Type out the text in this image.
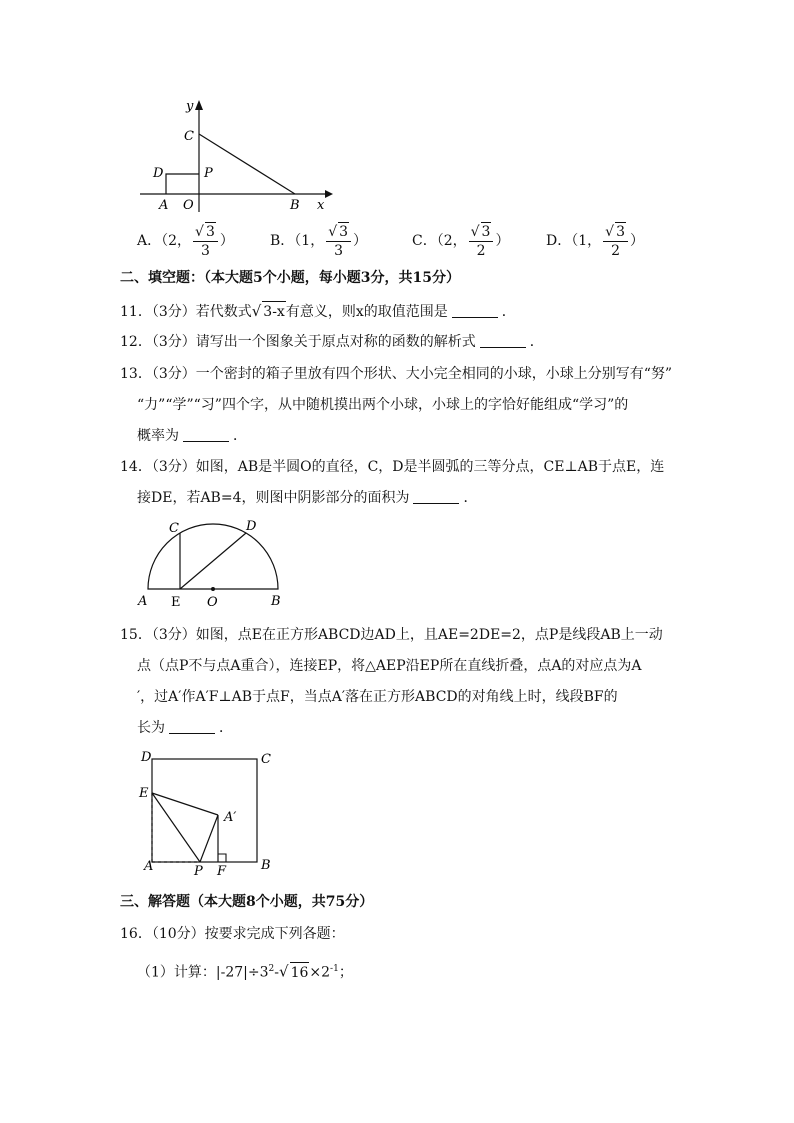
y
x
C
D	P
A O	B
A．（2， $\frac{√ 3}{3}$ ）	B．（1， $\frac{√ 3}{3}$ ）	C．（2， $\frac{√ 3}{2}$ ）	D．（1， $\frac{√ 3}{2}$ ）
二、填空题：（本大题5个小题，每小题3分，共15分）
11．（3分）若代数式√ 3-x有意义，则x的取值范围是	．
12．（3分）请写出一个图象关于原点对称的函数的解析式	．
13．（3分）一个密封的箱子里放有四个形状、大小完全相同的小球，小球上分别写有“努”
“力”“学”“习”四个字，从中随机摸出两个小球，小球上的字恰好能组成“学习”的
概率为	．
14．（3分）如图，AB是半圆O的直径，C，D是半圆弧的三等分点，CE⊥AB于点E，连
接DE，若AB=4，则图中阴影部分的面积为	．
C	D
A E O	B
15．（3分）如图，点E在正方形ABCD边AD上，且AE=2DE=2，点P是线段AB上一动
点（点P不与点A重合），连接EP，将△AEP沿EP所在直线折叠，点A的对应点为A
′，过A′作A′F⊥AB于点F，当点A′落在正方形ABCD的对角线上时，线段BF的
长为	．
D	C
E
A′
A	P F	B
三、解答题（本大题8个小题，共75分）
16．（10分）按要求完成下列各题：
（1）计算：$|-27|\div 3^2-√$ $16\times 2^{-1}$；
